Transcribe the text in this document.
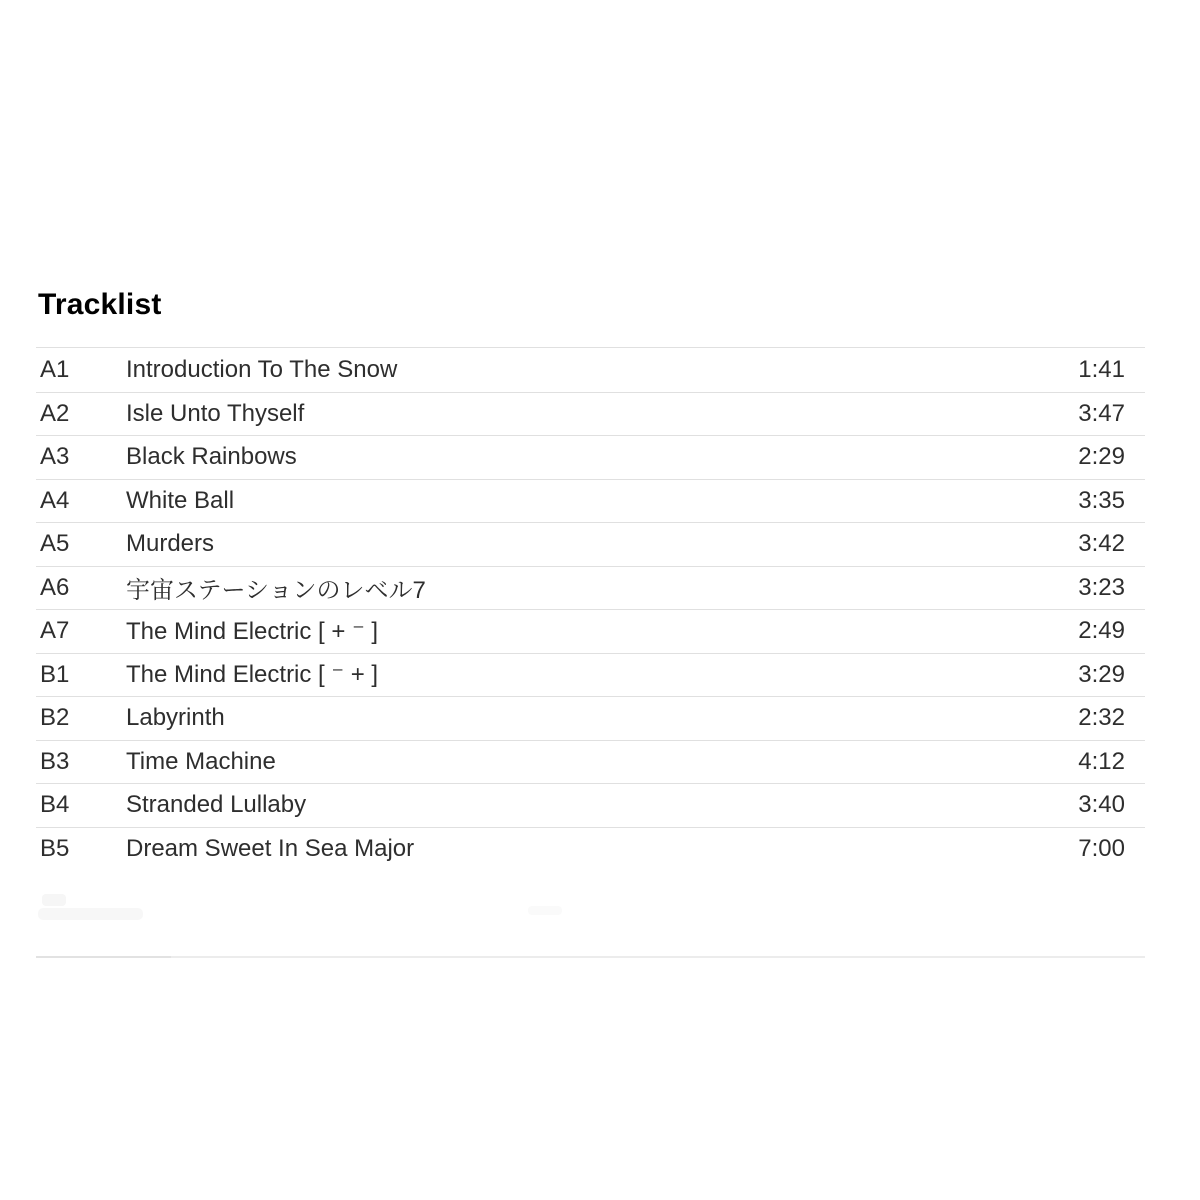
Tracklist
A1	Introduction To The Snow	1:41
A2	Isle Unto Thyself	3:47
A3	Black Rainbows	2:29
A4	White Ball	3:35
A5	Murders	3:42
A6	宇宙ステーションのレベル7	3:23
A7	The Mind Electric [ + ⁻ ]	2:49
B1	The Mind Electric [ ⁻ + ]	3:29
B2	Labyrinth	2:32
B3	Time Machine	4:12
B4	Stranded Lullaby	3:40
B5	Dream Sweet In Sea Major	7:00
